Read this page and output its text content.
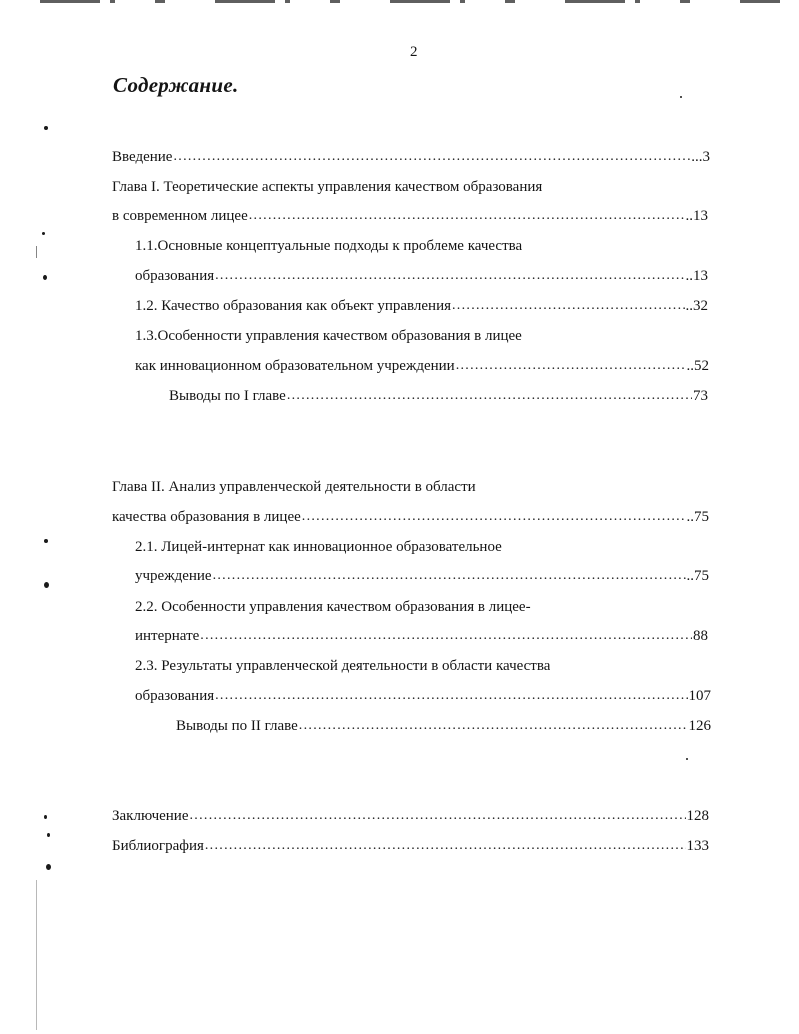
2
Содержание.
Введение .....	...3
Глава I. Теоретические аспекты управления качеством образования
в современном лицее .....	..13
1.1.Основные концептуальные подходы к проблеме качества
образования .....	..13
1.2. Качество образования как объект управления .....	..32
1.3.Особенности управления качеством образования в лицее
как инновационном образовательном учреждении .....	..52
Выводы по I главе .....	73
Глава II. Анализ управленческой деятельности в области
качества образования в лицее .....	..75
2.1. Лицей-интернат как инновационное образовательное
учреждение .....	..75
2.2. Особенности управления качеством образования в лицее-
интернате .....	88
2.3. Результаты управленческой деятельности в области качества
образования .....	107
Выводы по II главе .....	126
Заключение .....	128
Библиография .....	133
